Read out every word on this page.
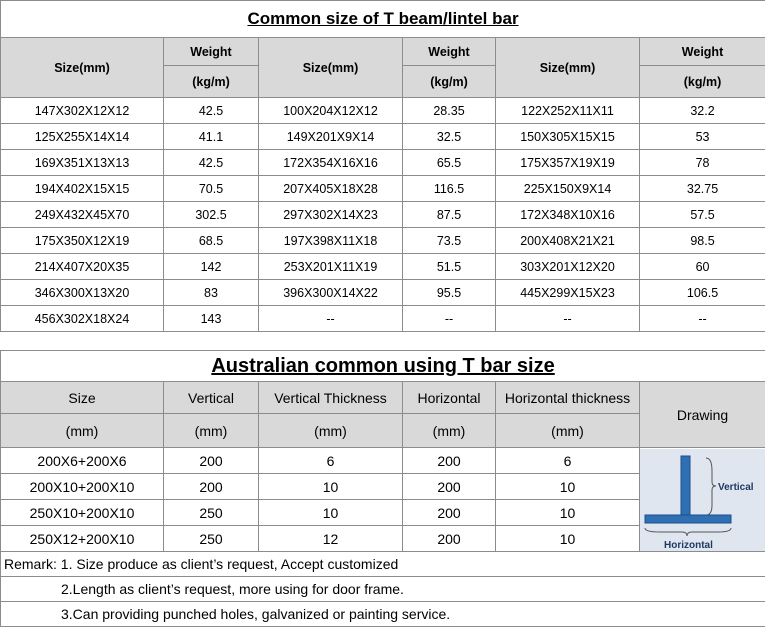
Common size of T beam/lintel bar					
Size(mm)	Weight	Size(mm)	Weight	Size(mm)	Weight
	(kg/m)		(kg/m)		(kg/m)
147X302X12X12	42.5	100X204X12X12	28.35	122X252X11X11	32.2
125X255X14X14	41.1	149X201X9X14	32.5	150X305X15X15	53
169X351X13X13	42.5	172X354X16X16	65.5	175X357X19X19	78
194X402X15X15	70.5	207X405X18X28	116.5	225X150X9X14	32.75
249X432X45X70	302.5	297X302X14X23	87.5	172X348X10X16	57.5
175X350X12X19	68.5	197X398X11X18	73.5	200X408X21X21	98.5
214X407X20X35	142	253X201X11X19	51.5	303X201X12X20	60
346X300X13X20	83	396X300X14X22	95.5	445X299X15X23	106.5
456X302X18X24	143	--	--	--	--
Australian common using T bar size					
Size	Vertical	Vertical Thickness	Horizontal	Horizontal thickness	Drawing
(mm)	(mm)	(mm)	(mm)	(mm)	
200X6+200X6	200	6	200	6	Vertical
Horizontal

200X10+200X10	200	10	200	10	
250X10+200X10	250	10	200	10	
250X12+200X10	250	12	200	10	
Remark: 1. Size produce as client’s request, Accept customized					
2.Length as client’s request, more using for door frame.					
3.Can providing punched holes, galvanized or painting service.					
